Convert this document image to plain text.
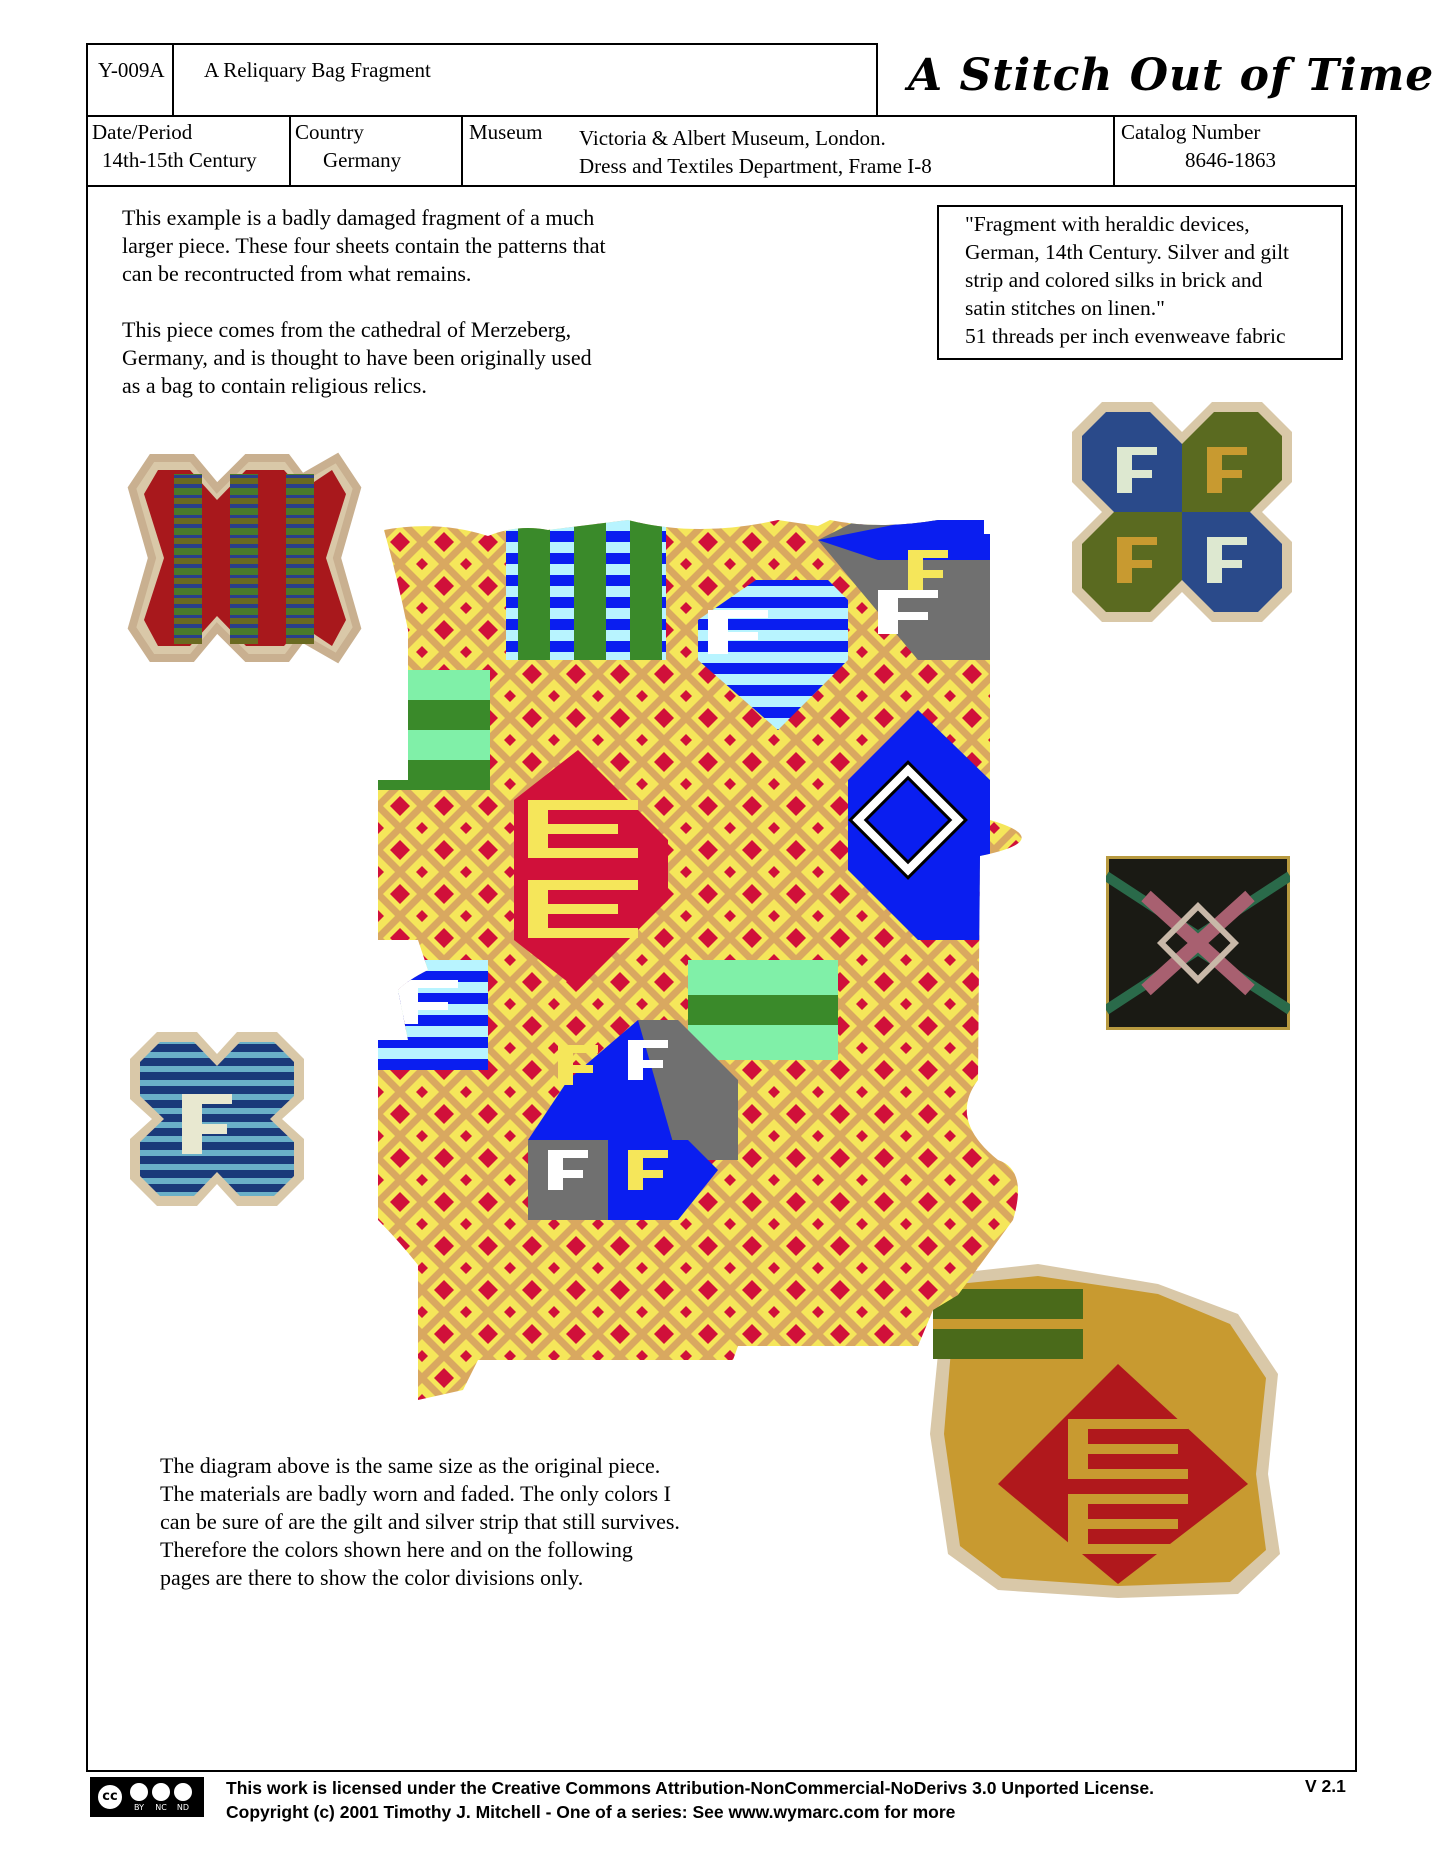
Y-009A A Reliquary Bag Fragment	A Stitch Out of Time
Date/Period
14th-15th Century
Country
Germany
Museum Victoria & Albert Museum, London.
Dress and Textiles Department, Frame I-8
Catalog Number
8646-1863
This example is a badly damaged fragment of a much
larger piece. These four sheets contain the patterns that
can be recontructed from what remains.
This piece comes from the cathedral of Merzeberg,
Germany, and is thought to have been originally used
as a bag to contain religious relics.
"Fragment with heraldic devices,
German, 14th Century. Silver and gilt
strip and colored silks in brick and
satin stitches on linen."
51 threads per inch evenweave fabric
The diagram above is the same size as the original piece.
The materials are badly worn and faded. The only colors I
can be sure of are the gilt and silver strip that still survives.
Therefore the colors shown here and on the following
pages are there to show the color divisions only.
cc
BY	NC	ND
This work is licensed under the Creative Commons Attribution-NonCommercial-NoDerivs 3.0 Unported License.
Copyright (c) 2001 Timothy J. Mitchell - One of a series: See www.wymarc.com for more
V 2.1
